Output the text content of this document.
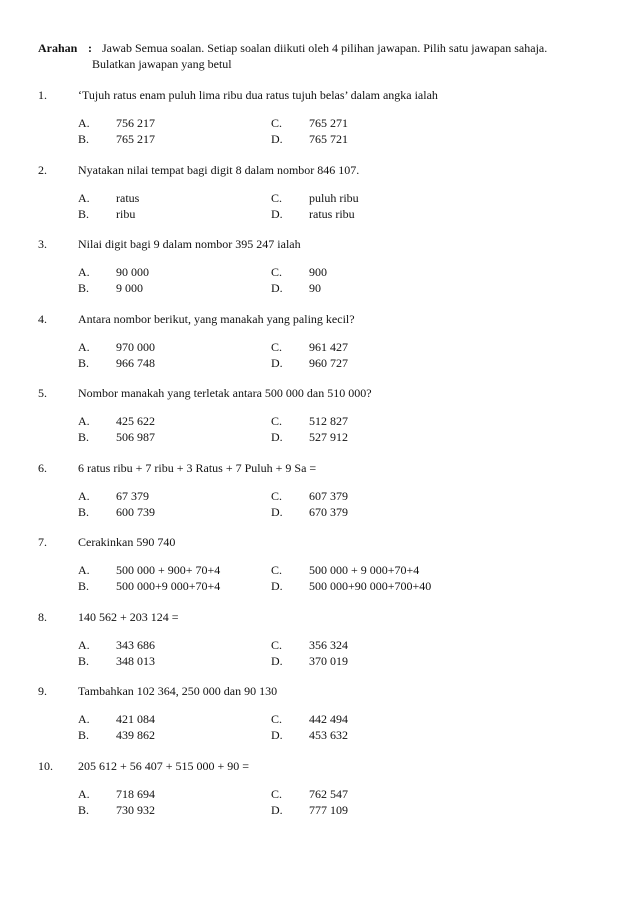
Arahan : Jawab Semua soalan. Setiap soalan diikuti oleh 4 pilihan jawapan. Pilih satu jawapan sahaja.
Bulatkan jawapan yang betul
1.	‘Tujuh ratus enam puluh lima ribu dua ratus tujuh belas’ dalam angka ialah
A. 756 217
B. 765 217
C. 765 271
D. 765 721
2.	Nyatakan nilai tempat bagi digit 8 dalam nombor 846 107.
A. ratus
B. ribu
C. puluh ribu
D. ratus ribu
3.	Nilai digit bagi 9 dalam nombor 395 247 ialah
A. 90 000
B. 9 000
C. 900
D. 90
4.	Antara nombor berikut, yang manakah yang paling kecil?
A. 970 000
B. 966 748
C. 961 427
D. 960 727
5.	Nombor manakah yang terletak antara 500 000 dan 510 000?
A. 425 622
B. 506 987
C. 512 827
D. 527 912
6.	6 ratus ribu + 7 ribu + 3 Ratus + 7 Puluh + 9 Sa =
A. 67 379
B. 600 739
C. 607 379
D. 670 379
7.	Cerakinkan 590 740
A. 500 000 + 900+ 70+4
B. 500 000+9 000+70+4
C. 500 000 + 9 000+70+4
D. 500 000+90 000+700+40
8.	140 562 + 203 124 =
A. 343 686
B. 348 013
C. 356 324
D. 370 019
9.	Tambahkan 102 364, 250 000 dan 90 130
A. 421 084
B. 439 862
C. 442 494
D. 453 632
10. 205 612 + 56 407 + 515 000 + 90 =
A. 718 694
B. 730 932
C. 762 547
D. 777 109
